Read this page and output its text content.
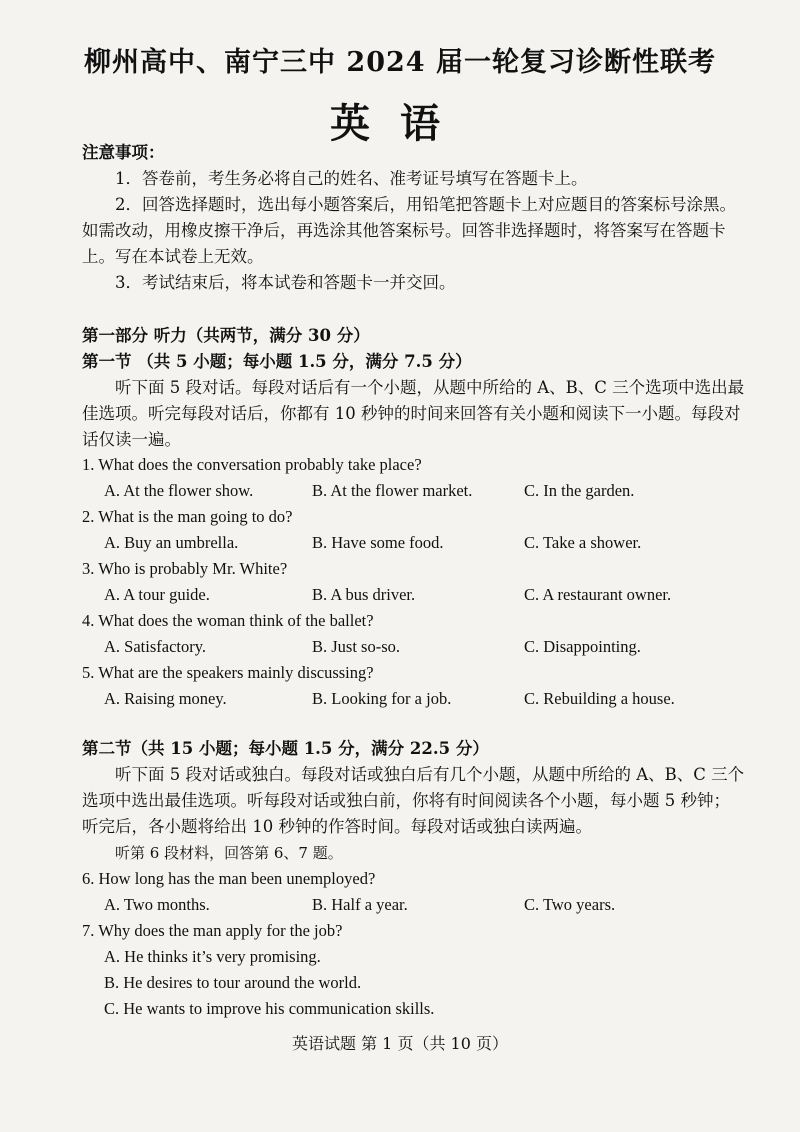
柳州高中、南宁三中 2024 届一轮复习诊断性联考
英语
注意事项：

1．答卷前，考生务必将自己的姓名、准考证号填写在答题卡上。

2．回答选择题时，选出每小题答案后，用铅笔把答题卡上对应题目的答案标号涂黑。如需改动，用橡皮擦干净后，再选涂其他答案标号。回答非选择题时，将答案写在答题卡上。写在本试卷上无效。

3．考试结束后，将本试卷和答题卡一并交回。

第一部分 听力（共两节，满分 30 分）
第一节 （共 5 小题；每小题 1.5 分，满分 7.5 分）

听下面 5 段对话。每段对话后有一个小题，从题中所给的 A、B、C 三个选项中选出最佳选项。听完每段对话后，你都有 10 秒钟的时间来回答有关小题和阅读下一小题。每段对话仅读一遍。

1. What does the conversation probably take place?
A. At the flower show.	B. At the flower market.	C. In the garden.
2. What is the man going to do?
A. Buy an umbrella.	B. Have some food.	C. Take a shower.
3. Who is probably Mr. White?
A. A tour guide.	B. A bus driver.	C. A restaurant owner.
4. What does the woman think of the ballet?
A. Satisfactory.	B. Just so-so.	C. Disappointing.
5. What are the speakers mainly discussing?
A. Raising money.	B. Looking for a job.	C. Rebuilding a house.
第二节（共 15 小题；每小题 1.5 分，满分 22.5 分）

听下面 5 段对话或独白。每段对话或独白后有几个小题，从题中所给的 A、B、C 三个选项中选出最佳选项。听每段对话或独白前，你将有时间阅读各个小题，每小题 5 秒钟；听完后，各小题将给出 10 秒钟的作答时间。每段对话或独白读两遍。

听第 6 段材料，回答第 6、7 题。

6. How long has the man been unemployed?
A. Two months.	B. Half a year.	C. Two years.
7. Why does the man apply for the job?
A. He thinks it’s very promising.
B. He desires to tour around the world.
C. He wants to improve his communication skills.
英语试题 第 1 页（共 10 页）
